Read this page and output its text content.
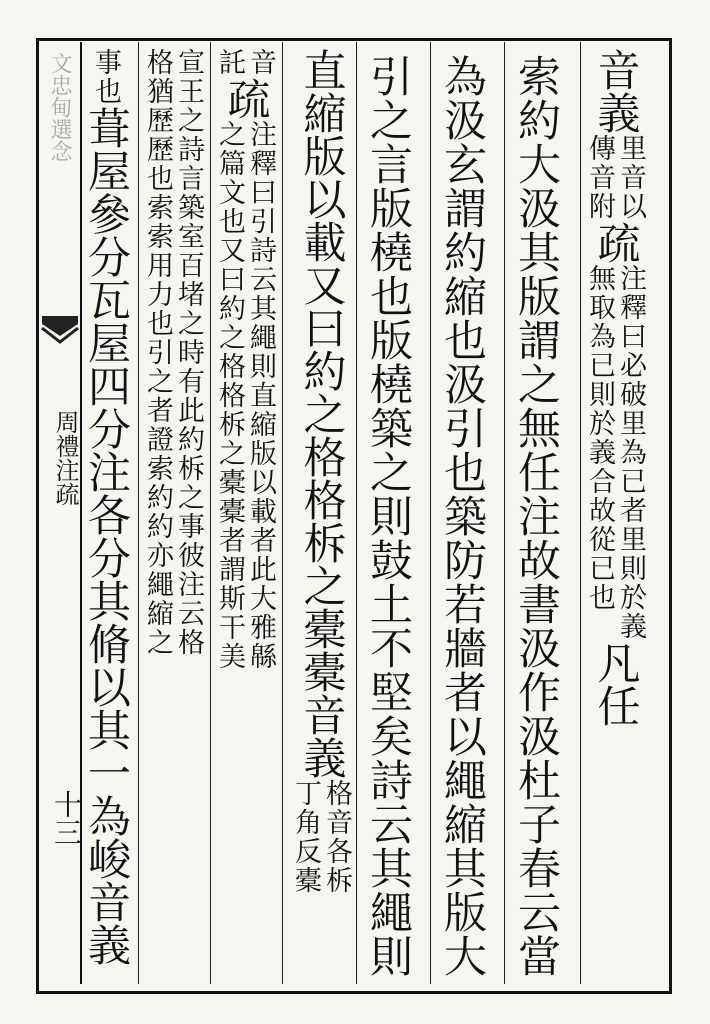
文忠甸選念
周禮注疏
十三
音義
里音以
傳音附
疏
注釋曰必破里為已者里則於義
無取為已則於義合故從已也
凡任
索約大汲其版謂之無任注故書汲作汲杜子春云當
為汲玄謂約縮也汲引也築防若牆者以繩縮其版大
引之言版橈也版橈築之則鼓土不堅矣詩云其繩則
直縮版以載又曰約之格格柝之橐橐音義
格音各柝
丁角反橐
音
託
疏
注釋曰引詩云其繩則直縮版以載者此大雅緜
之篇文也又曰約之格格柝之橐橐者謂斯干美
宣王之詩言築室百堵之時有此約柝之事彼注云格
格猶歷歷也索索用力也引之者證索約約亦繩縮之
事也
葺屋參分瓦屋四分注各分其脩以其一為峻音義
